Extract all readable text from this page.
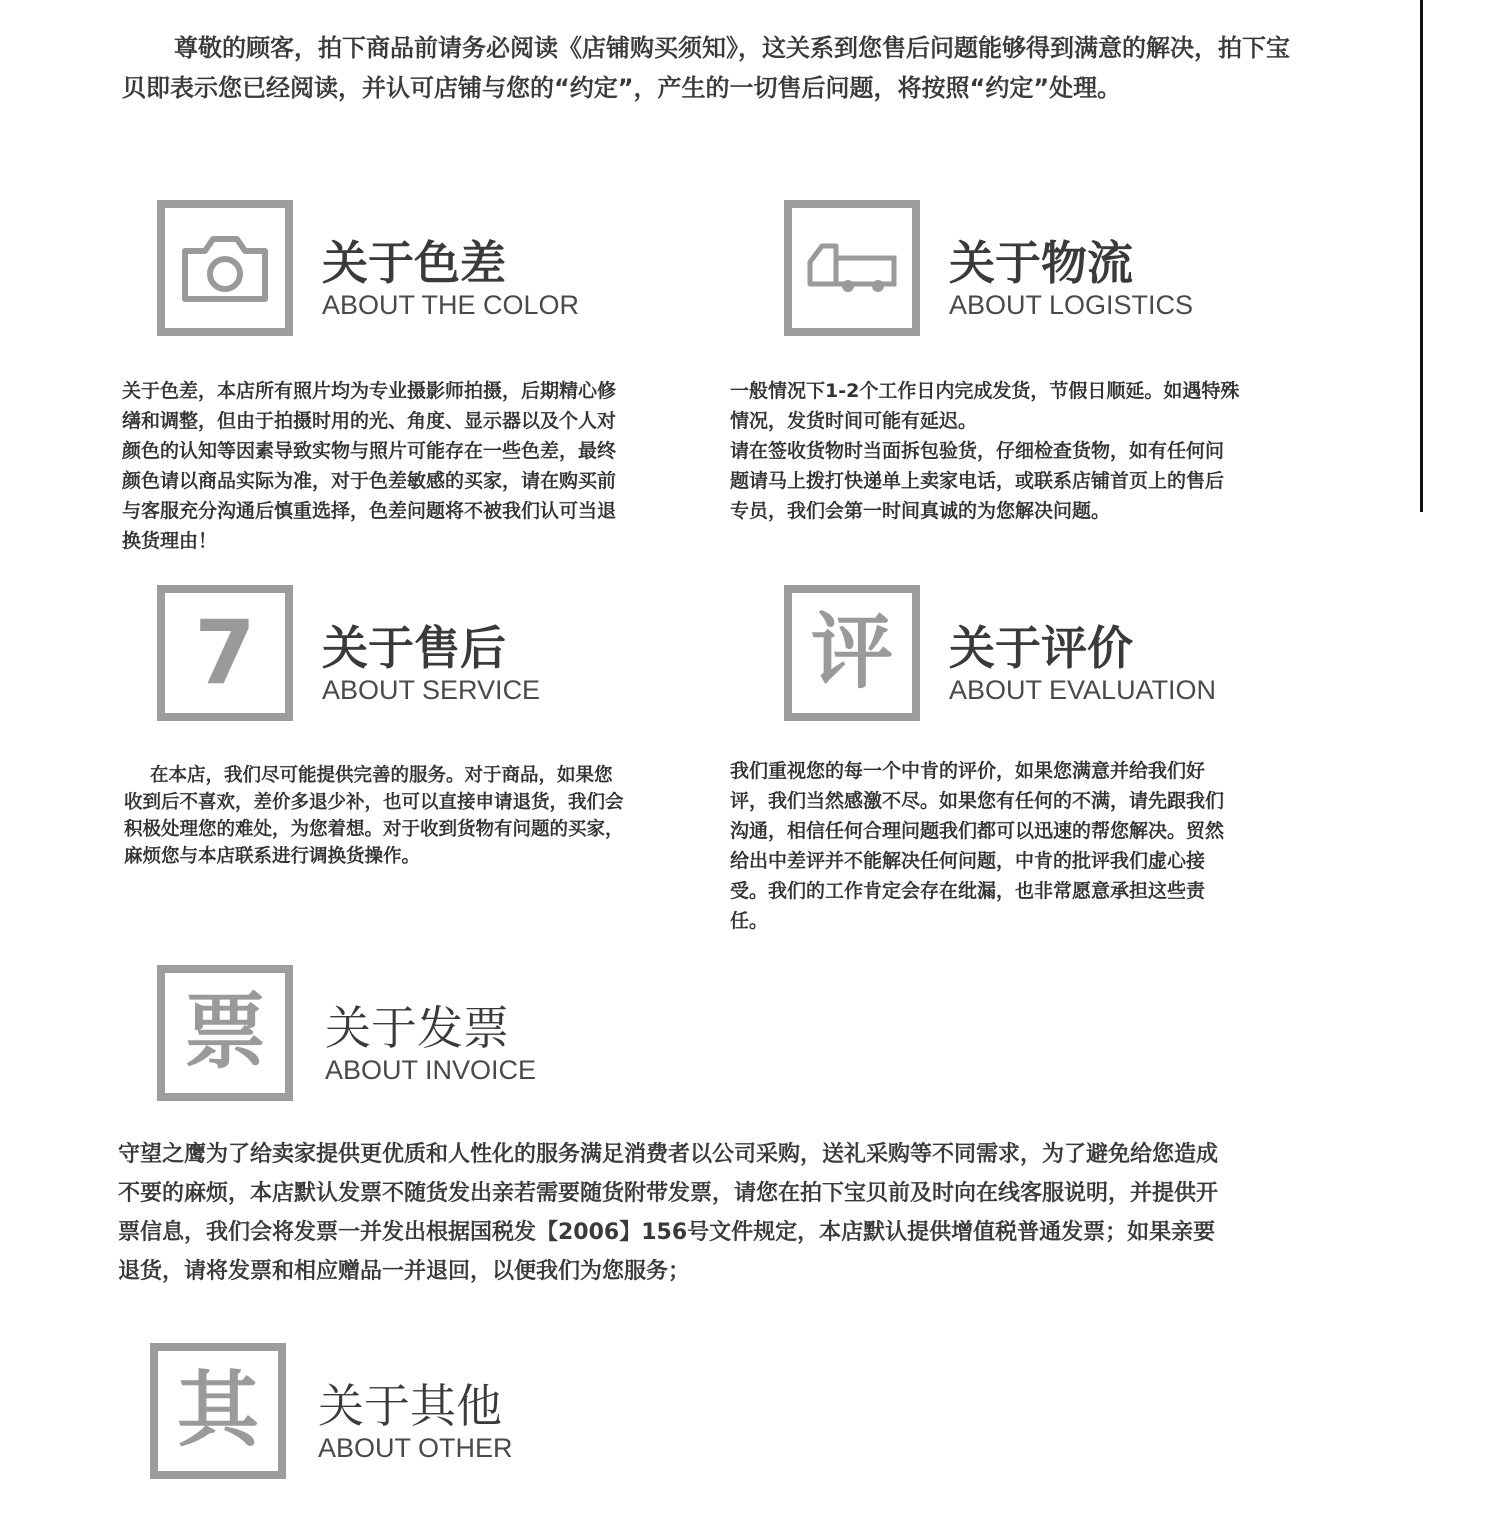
尊敬的顾客，拍下商品前请务必阅读《店铺购买须知》，这关系到您售后问题能够得到满意的解决，拍下宝贝即表示您已经阅读，并认可店铺与您的“约定”，产生的一切售后问题，将按照“约定”处理。

关于色差
ABOUT THE COLOR

关于色差，本店所有照片均为专业摄影师拍摄，后期精心修缮和调整，但由于拍摄时用的光、角度、显示器以及个人对颜色的认知等因素导致实物与照片可能存在一些色差，最终颜色请以商品实际为准，对于色差敏感的买家，请在购买前与客服充分沟通后慎重选择，色差问题将不被我们认可当退换货理由！

关于物流
ABOUT LOGISTICS

一般情况下1-2个工作日内完成发货，节假日顺延。如遇特殊情况，发货时间可能有延迟。

请在签收货物时当面拆包验货，仔细检查货物，如有任何问题请马上拨打快递单上卖家电话，或联系店铺首页上的售后专员，我们会第一时间真诚的为您解决问题。

7 关于售后
ABOUT SERVICE

在本店，我们尽可能提供完善的服务。对于商品，如果您收到后不喜欢，差价多退少补，也可以直接申请退货，我们会积极处理您的难处，为您着想。对于收到货物有问题的买家，麻烦您与本店联系进行调换货操作。

评 关于评价
ABOUT EVALUATION

我们重视您的每一个中肯的评价，如果您满意并给我们好评，我们当然感激不尽。如果您有任何的不满，请先跟我们沟通，相信任何合理问题我们都可以迅速的帮您解决。贸然给出中差评并不能解决任何问题，中肯的批评我们虚心接受。我们的工作肯定会存在纰漏，也非常愿意承担这些责任。

票 关于发票
ABOUT INVOICE

守望之鹰为了给卖家提供更优质和人性化的服务满足消费者以公司采购，送礼采购等不同需求，为了避免给您造成不要的麻烦，本店默认发票不随货发出亲若需要随货附带发票，请您在拍下宝贝前及时向在线客服说明，并提供开票信息，我们会将发票一并发出根据国税发【2006】156号文件规定，本店默认提供增值税普通发票；如果亲要退货，请将发票和相应赠品一并退回，以便我们为您服务；

其 关于其他
ABOUT OTHER
